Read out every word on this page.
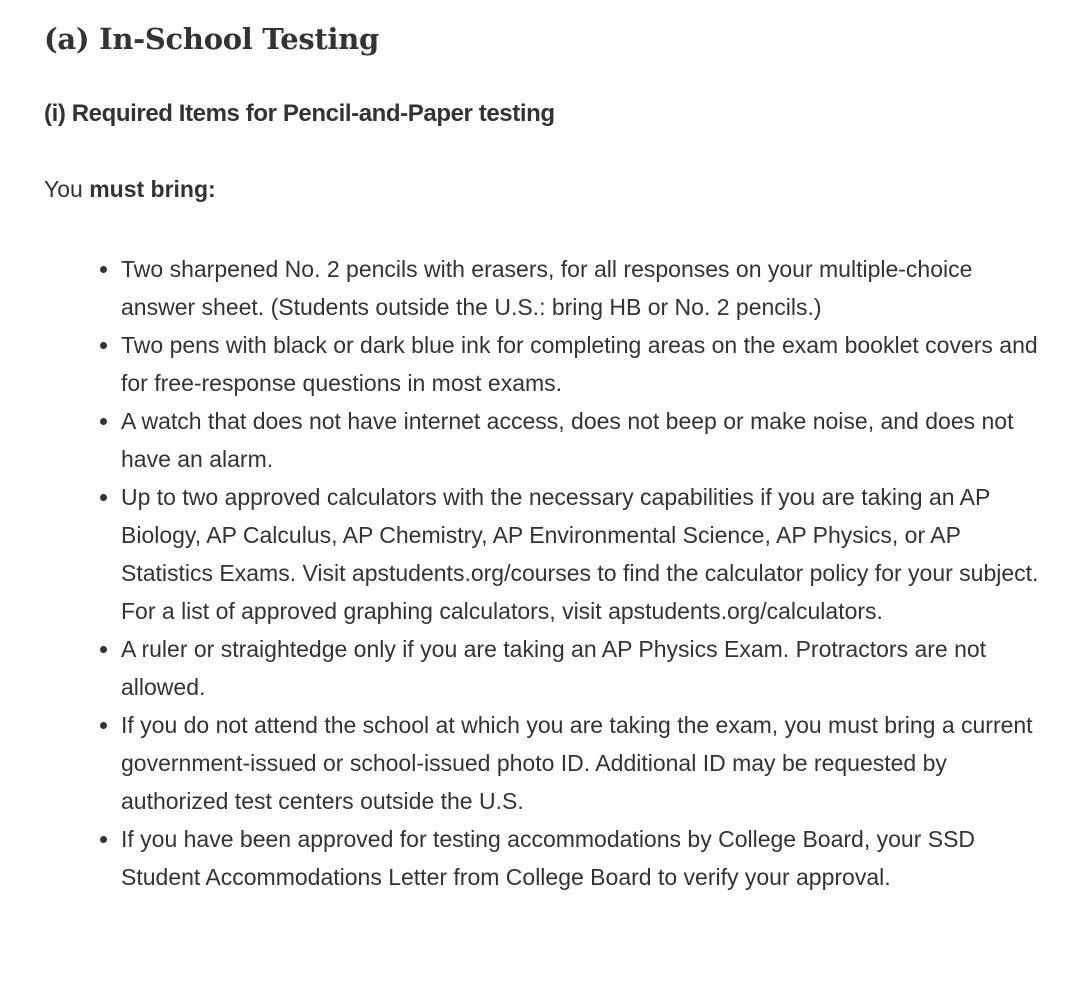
(a) In-School Testing
(i) Required Items for Pencil-and-Paper testing

You must bring:

Two sharpened No. 2 pencils with erasers, for all responses on your multiple-choice answer sheet. (Students outside the U.S.: bring HB or No. 2 pencils.)
Two pens with black or dark blue ink for completing areas on the exam booklet covers and for free-response questions in most exams.
A watch that does not have internet access, does not beep or make noise, and does not have an alarm.
Up to two approved calculators with the necessary capabilities if you are taking an AP Biology, AP Calculus, AP Chemistry, AP Environmental Science, AP Physics, or AP Statistics Exams. Visit apstudents.org/courses to find the calculator policy for your subject. For a list of approved graphing calculators, visit apstudents.org/calculators.
A ruler or straightedge only if you are taking an AP Physics Exam. Protractors are not allowed.
If you do not attend the school at which you are taking the exam, you must bring a current government-issued or school-issued photo ID. Additional ID may be requested by authorized test centers outside the U.S.
If you have been approved for testing accommodations by College Board, your SSD Student Accommodations Letter from College Board to verify your approval.
